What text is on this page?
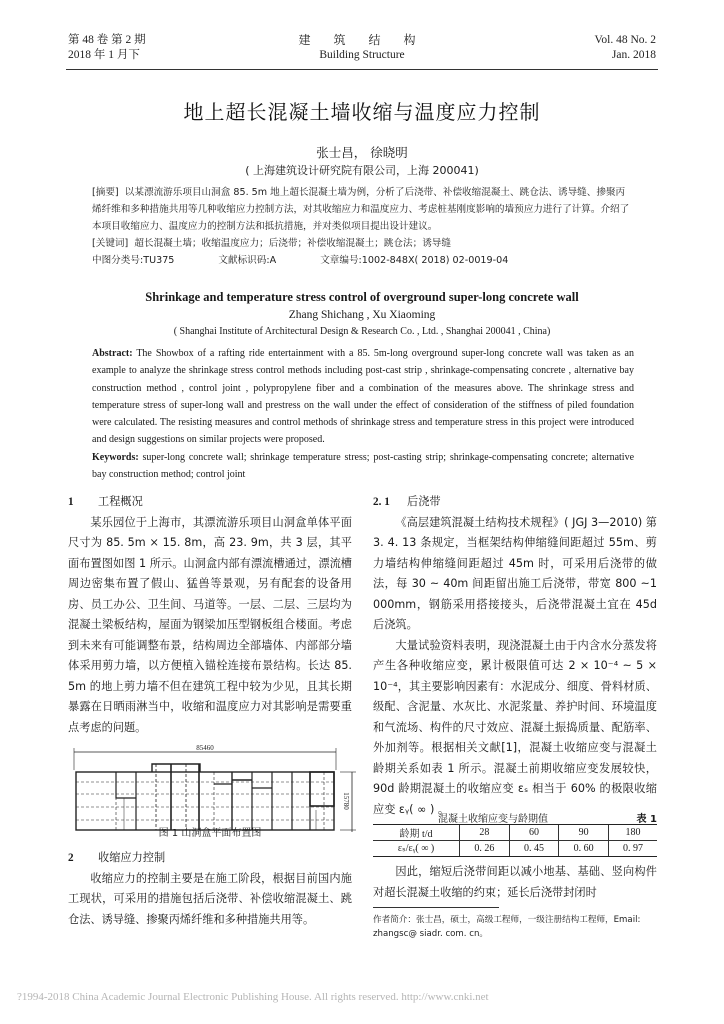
第 48 卷 第 2 期
2018 年 1 月下
建 筑 结 构
Building Structure
Vol. 48 No. 2
Jan. 2018
地上超长混凝土墙收缩与温度应力控制
张士昌， 徐晓明
( 上海建筑设计研究院有限公司，上海 200041)

[摘要] 以某漂流游乐项目山洞盒 85. 5m 地上超长混凝土墙为例，分析了后浇带、补偿收缩混凝土、跳仓法、诱导缝、掺聚丙烯纤维和多种措施共用等几种收缩应力控制方法，对其收缩应力和温度应力、考虑桩基刚度影响的墙预应力进行了计算。介绍了本项目收缩应力、温度应力的控制方法和抵抗措施，并对类似项目提出设计建议。

[关键词] 超长混凝土墙；收缩温度应力；后浇带；补偿收缩混凝土；跳仓法；诱导缝

中图分类号:TU375	文献标识码:A	文章编号:1002-848X( 2018) 02-0019-04

Shrinkage and temperature stress control of overground super-long concrete wall
Zhang Shichang , Xu Xiaoming
( Shanghai Institute of Architectural Design & Research Co. , Ltd. , Shanghai 200041 , China)

Abstract: The Showbox of a rafting ride entertainment with a 85. 5m-long overground super-long concrete wall was taken as an example to analyze the shrinkage stress control methods including post-cast strip , shrinkage-compensating concrete , alternative bay construction method , control joint , polypropylene fiber and a combination of the measures above. The shrinkage stress and temperature stress of super-long wall and prestress on the wall under the effect of consideration of the stiffness of piled foundation were calculated. The resisting measures and control methods of shrinkage stress and temperature stress in this project were introduced and design suggestions on similar projects were proposed.

Keywords: super-long concrete wall; shrinkage temperature stress; post-casting strip; shrinkage-compensating concrete; alternative bay construction method; control joint

1 工程概况

某乐园位于上海市，其漂流游乐项目山洞盒单体平面尺寸为 85. 5m × 15. 8m，高 23. 9m，共 3 层，其平面布置图如图 1 所示。山洞盒内部有漂流槽通过，漂流槽周边密集布置了假山、猛兽等景观，另有配套的设备用房、员工办公、卫生间、马道等。一层、二层、三层均为混凝土梁板结构，屋面为钢梁加压型钢板组合楼面。考虑到未来有可能调整布景，结构周边全部墙体、内部部分墙体采用剪力墙，以方便植入锚栓连接布景结构。长达 85. 5m 的地上剪力墙不但在建筑工程中较为少见，且其长期暴露在日晒雨淋当中，收缩和温度应力对其影响是需要重点考虑的问题。

85460
15780
图 1 山洞盒平面布置图
2 收缩应力控制

收缩应力的控制主要是在施工阶段，根据目前国内施工现状，可采用的措施包括后浇带、补偿收缩混凝土、跳仓法、诱导缝、掺聚丙烯纤维和多种措施共用等。

2. 1 后浇带

《高层建筑混凝土结构技术规程》( JGJ 3—2010) 第 3. 4. 13 条规定，当框架结构伸缩缝间距超过 55m、剪力墙结构伸缩缝间距超过 45m 时，可采用后浇带的做法，每 30 ~ 40m 间距留出施工后浇带，带宽 800 ~1 000mm，钢筋采用搭接接头，后浇带混凝土宜在 45d 后浇筑。

大量试验资料表明，现浇混凝土由于内含水分蒸发将产生各种收缩应变，累计极限值可达 2 × 10⁻⁴ ~ 5 × 10⁻⁴，其主要影响因素有：水泥成分、细度、骨料材质、级配、含泥量、水灰比、水泥浆量、养护时间、环境温度和气流场、构件的尺寸效应、混凝土振捣质量、配筋率、外加剂等。根据相关文献[1]，混凝土收缩应变与混凝土龄期关系如表 1 所示。混凝土前期收缩应变发展较快，90d 龄期混凝土的收缩应变 εₛ 相当于 60% 的极限收缩应变 εᵧ( ∞ ) 。

混凝土收缩应变与龄期值	表 1
龄期 t/d	28	60	90	180
εₛ/εᵧ( ∞ )	0. 26	0. 45	0. 60	0. 97

因此，缩短后浇带间距以减小地基、基础、竖向构件对超长混凝土收缩的约束；延长后浇带封闭时

作者简介：张士昌，硕士，高级工程师，一级注册结构工程师，Email: zhangsc@ siadr. com. cn。
?1994-2018 China Academic Journal Electronic Publishing House. All rights reserved. http://www.cnki.net
